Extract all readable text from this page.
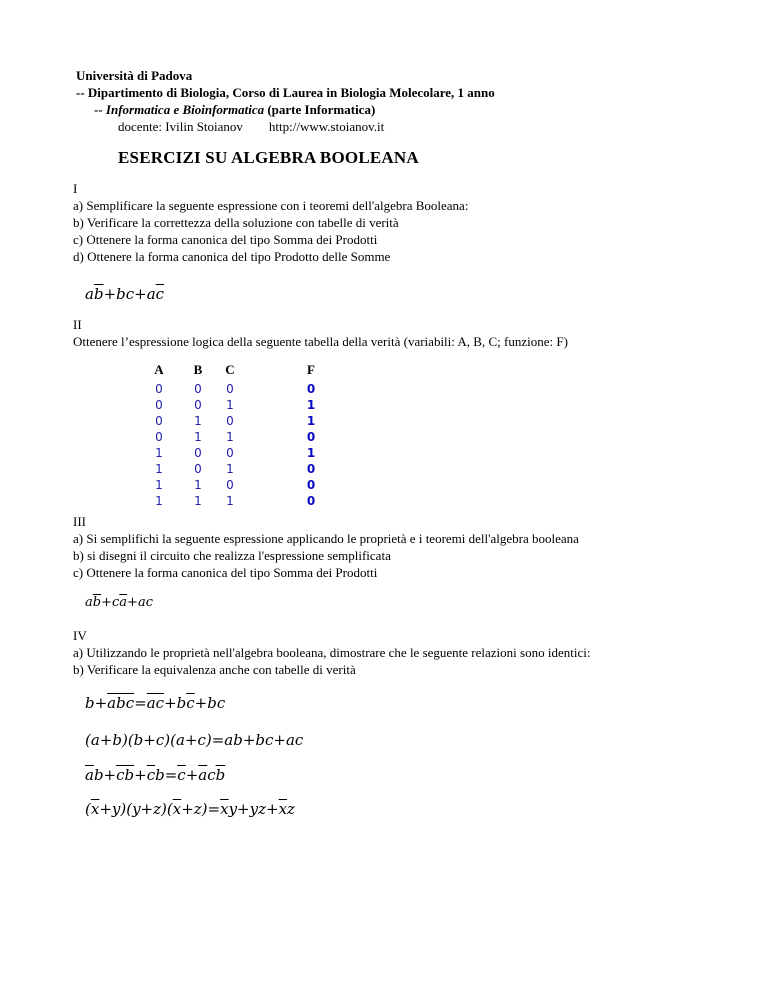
Università di Padova
-- Dipartimento di Biologia, Corso di Laurea in Biologia Molecolare, 1 anno
-- Informatica e Bioinformatica (parte Informatica)
docente: Ivilin Stoianov http://www.stoianov.it
ESERCIZI SU ALGEBRA BOOLEANA
I
a) Semplificare la seguente espressione con i teoremi dell'algebra Booleana:
b) Verificare la correttezza della soluzione con tabelle di verità
c) Ottenere la forma canonica del tipo Somma dei Prodotti
d) Ottenere la forma canonica del tipo Prodotto delle Somme
$a\overline{b}+bc+a\overline{c}$
II
Ottenere l’espressione logica della seguente tabella della verità (variabili: A, B, C; funzione: F)
A
0
0
0
0
1
1
1
1
B
0
0
1
1
0
0
1
1
C
0
1
0
1
0
1
0
1
F
0
1
1
0
1
0
0
0
III
a) Si semplifichi la seguente espressione applicando le proprietà e i teoremi dell'algebra booleana
b) si disegni il circuito che realizza l'espressione semplificata
c) Ottenere la forma canonica del tipo Somma dei Prodotti
$a\overline{b}+c\overline{a}+ac$
IV
a) Utilizzando le proprietà nell'algebra booleana, dimostrare che le seguente relazioni sono identici:
b) Verificare la equivalenza anche con tabelle di verità
$b+\overline{a}\overline{b}\overline{c}=\overline{a}\overline{c}+b\overline{c}+bc$
(a+b)(b+c)(a+c)=ab+bc+ac
$\overline{a}b+\overline{c}\overline{b}+\overline{c}b=\overline{c}+\overline{a}c\overline{b}$
$(\overline{x}+y)(y+z)(\overline{x}+z)=\overline{x}y+yz+\overline{x}z$
